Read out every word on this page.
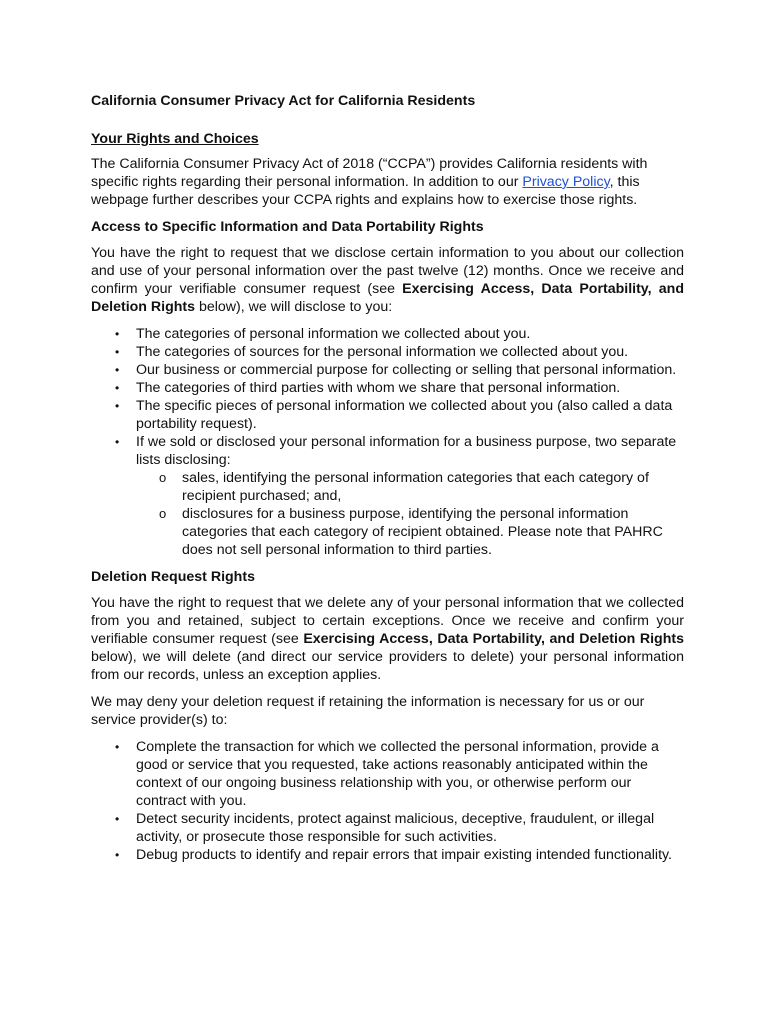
California Consumer Privacy Act for California Residents

Your Rights and Choices

The California Consumer Privacy Act of 2018 (“CCPA”) provides California residents with specific rights regarding their personal information. In addition to our Privacy Policy, this webpage further describes your CCPA rights and explains how to exercise those rights.

Access to Specific Information and Data Portability Rights

You have the right to request that we disclose certain information to you about our collection and use of your personal information over the past twelve (12) months. Once we receive and confirm your verifiable consumer request (see Exercising Access, Data Portability, and Deletion Rights below), we will disclose to you:

• The categories of personal information we collected about you.
• The categories of sources for the personal information we collected about you.
• Our business or commercial purpose for collecting or selling that personal information.
• The categories of third parties with whom we share that personal information.
• The specific pieces of personal information we collected about you (also called a data portability request).
• If we sold or disclosed your personal information for a business purpose, two separate lists disclosing:
o sales, identifying the personal information categories that each category of recipient purchased; and,
o disclosures for a business purpose, identifying the personal information categories that each category of recipient obtained. Please note that PAHRC does not sell personal information to third parties.

Deletion Request Rights

You have the right to request that we delete any of your personal information that we collected from you and retained, subject to certain exceptions. Once we receive and confirm your verifiable consumer request (see Exercising Access, Data Portability, and Deletion Rights below), we will delete (and direct our service providers to delete) your personal information from our records, unless an exception applies.

We may deny your deletion request if retaining the information is necessary for us or our service provider(s) to:

• Complete the transaction for which we collected the personal information, provide a good or service that you requested, take actions reasonably anticipated within the context of our ongoing business relationship with you, or otherwise perform our contract with you.
• Detect security incidents, protect against malicious, deceptive, fraudulent, or illegal activity, or prosecute those responsible for such activities.
• Debug products to identify and repair errors that impair existing intended functionality.
